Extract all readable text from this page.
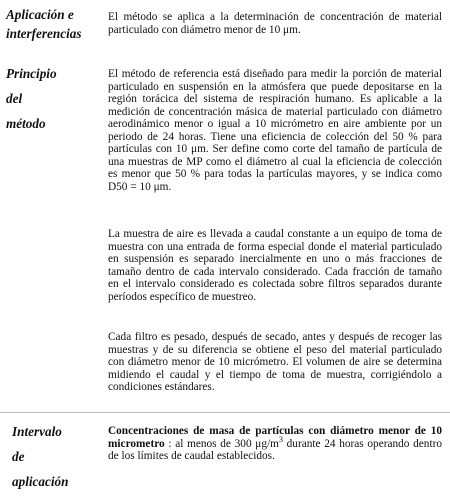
Aplicación e
interferencias

El método se aplica a la determinación de concentración de material particulado con diámetro menor de 10 μm.

Principio
del
método

El método de referencia está diseñado para medir la porción de material particulado en suspensión en la atmósfera que puede depositarse en la región torácica del sistema de respiración humano. Es aplicable a la medición de concentración másica de material particulado con diámetro aerodinámico menor o igual a 10 micrómetro en aire ambiente por un periodo de 24 horas. Tiene una eficiencia de colección del 50 % para partículas con 10 μm. Ser define como corte del tamaño de partícula de una muestras de MP como el diámetro al cual la eficiencia de colección es menor que 50 % para todas la partículas mayores, y se indica como D50 = 10 μm.

La muestra de aire es llevada a caudal constante a un equipo de toma de muestra con una entrada de forma especial donde el material particulado en suspensión es separado inercialmente en uno o más fracciones de tamaño dentro de cada intervalo considerado. Cada fracción de tamaño en el intervalo considerado es colectada sobre filtros separados durante períodos específico de muestreo.

Cada filtro es pesado, después de secado, antes y después de recoger las muestras y de su diferencia se obtiene el peso del material particulado con diámetro menor de 10 micrómetro. El volumen de aire se determina midiendo el caudal y el tiempo de toma de muestra, corrigiéndolo a condiciones estándares.

Intervalo
de
aplicación

Concentraciones de masa de partículas con diámetro menor de 10 micrometro : al menos de 300 $\mu g/m^3$ durante 24 horas operando dentro de los límites de caudal establecidos.
